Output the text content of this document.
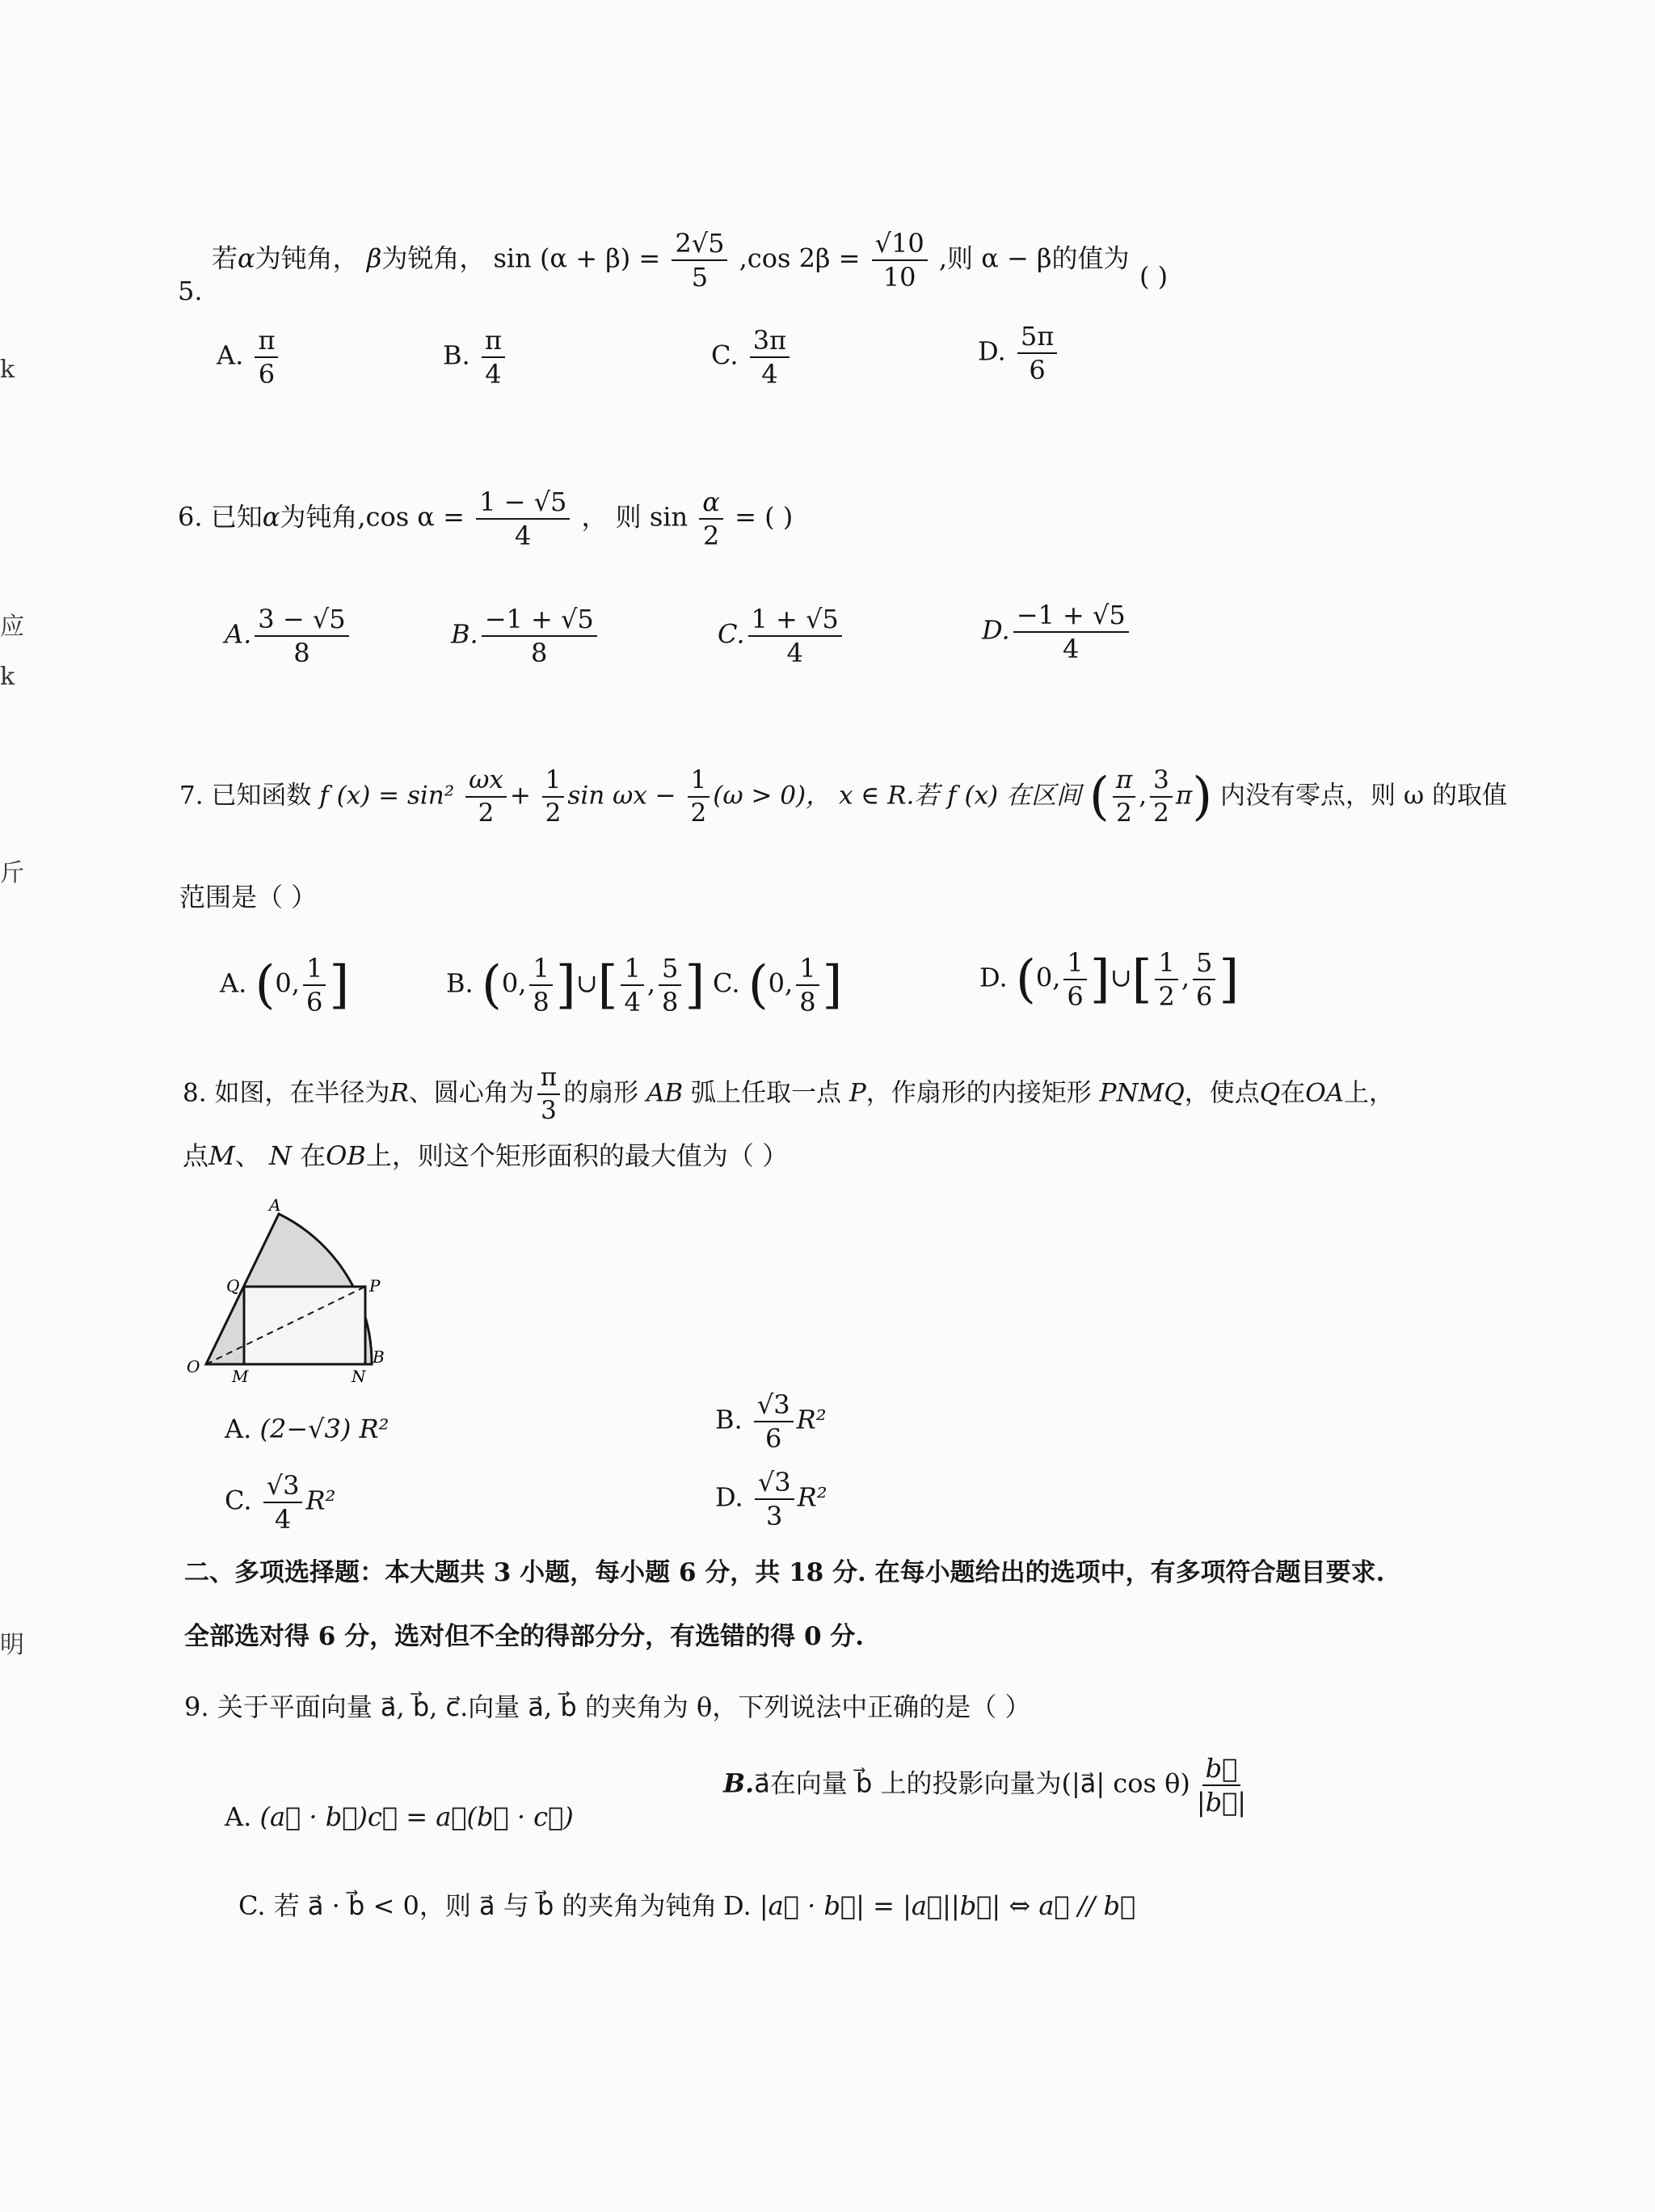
k
应
k
斤
明
5.
若α为钝角， β为锐角， $\sin (\alpha + \beta) = \frac{2√5}{5} ,\cos$ $2\beta = \frac{√10}{10}$ ,则 α − β的值为
( )
A. $\frac{\pi}{6}$	B. $\frac{\pi}{4}$	C. $\frac{3\pi}{4}$	D. $\frac{5\pi}{6}$
6. 已知α为钝角,cos $\alpha = \frac{1 - √5}{4}$ ， 则 $\sin \frac{\alpha}{2}$ = ( )
A. $\frac{3 - √5}{8}$	B. $\frac{-1 + √5}{8}$	C. $\frac{1 + √5}{4}$	D. $\frac{-1 + √5}{4}$
7. 已知函数 f $(x) = \sin^2 \frac{\omega x}{2} + \frac{1}{2}$ $\sin \omega x - \frac{1}{2} (\omega > 0)$， x ∈ R.若 f (x) 在区间 ( $\frac{\pi}{2}$ , $\frac{3}{2} \pi$) 内没有零点，则 ω 的取值
范围是（ ）
A. (0, $\frac{1}{6}$ ]	B. (0, $\frac{1}{8}$ ]∪[ $\frac{1}{4}$ , $\frac{5}{8}$ ] C. (0, $\frac{1}{8}$ ]	D. (0, $\frac{1}{6}$ ]∪[ $\frac{1}{2}$ , $\frac{5}{6}$ ]
8. 如图，在半径为R、圆心角为 $\frac{\pi}{3}$ 的扇形 AB 弧上任取一点 P，作扇形的内接矩形 PNMQ，使点Q在OA上，
点M、 N 在OB上，则这个矩形面积的最大值为（ ）
A
Q	P
O M	N
B
A. (2−√3) R²	B. $\frac{√3}{6} R^2$
C. $\frac{√3}{4} R^2$	D. $\frac{√3}{3} R^2$
二、多项选择题：本大题共 3 小题，每小题 6 分，共 18 分. 在每小题给出的选项中，有多项符合题目要求.
全部选对得 6 分，选对但不全的得部分分，有选错的得 0 分.
9. 关于平面向量 a⃗, b⃗, c⃗.向量 a⃗, b⃗ 的夹角为 θ，下列说法中正确的是（ ）
A. (a⃗ · b⃗)c⃗ = a⃗(b⃗ · c⃗)
B.a⃗在向量 b⃗ 上的投影向量为(|a⃗| $\cos \theta) \frac{b⃗}{|b⃗|}$
C. 若 a⃗ · b⃗ < 0，则 a⃗ 与 b⃗ 的夹角为钝角 D. |a⃗ · b⃗| = |a⃗||b⃗| ⇔ a⃗ // b⃗
